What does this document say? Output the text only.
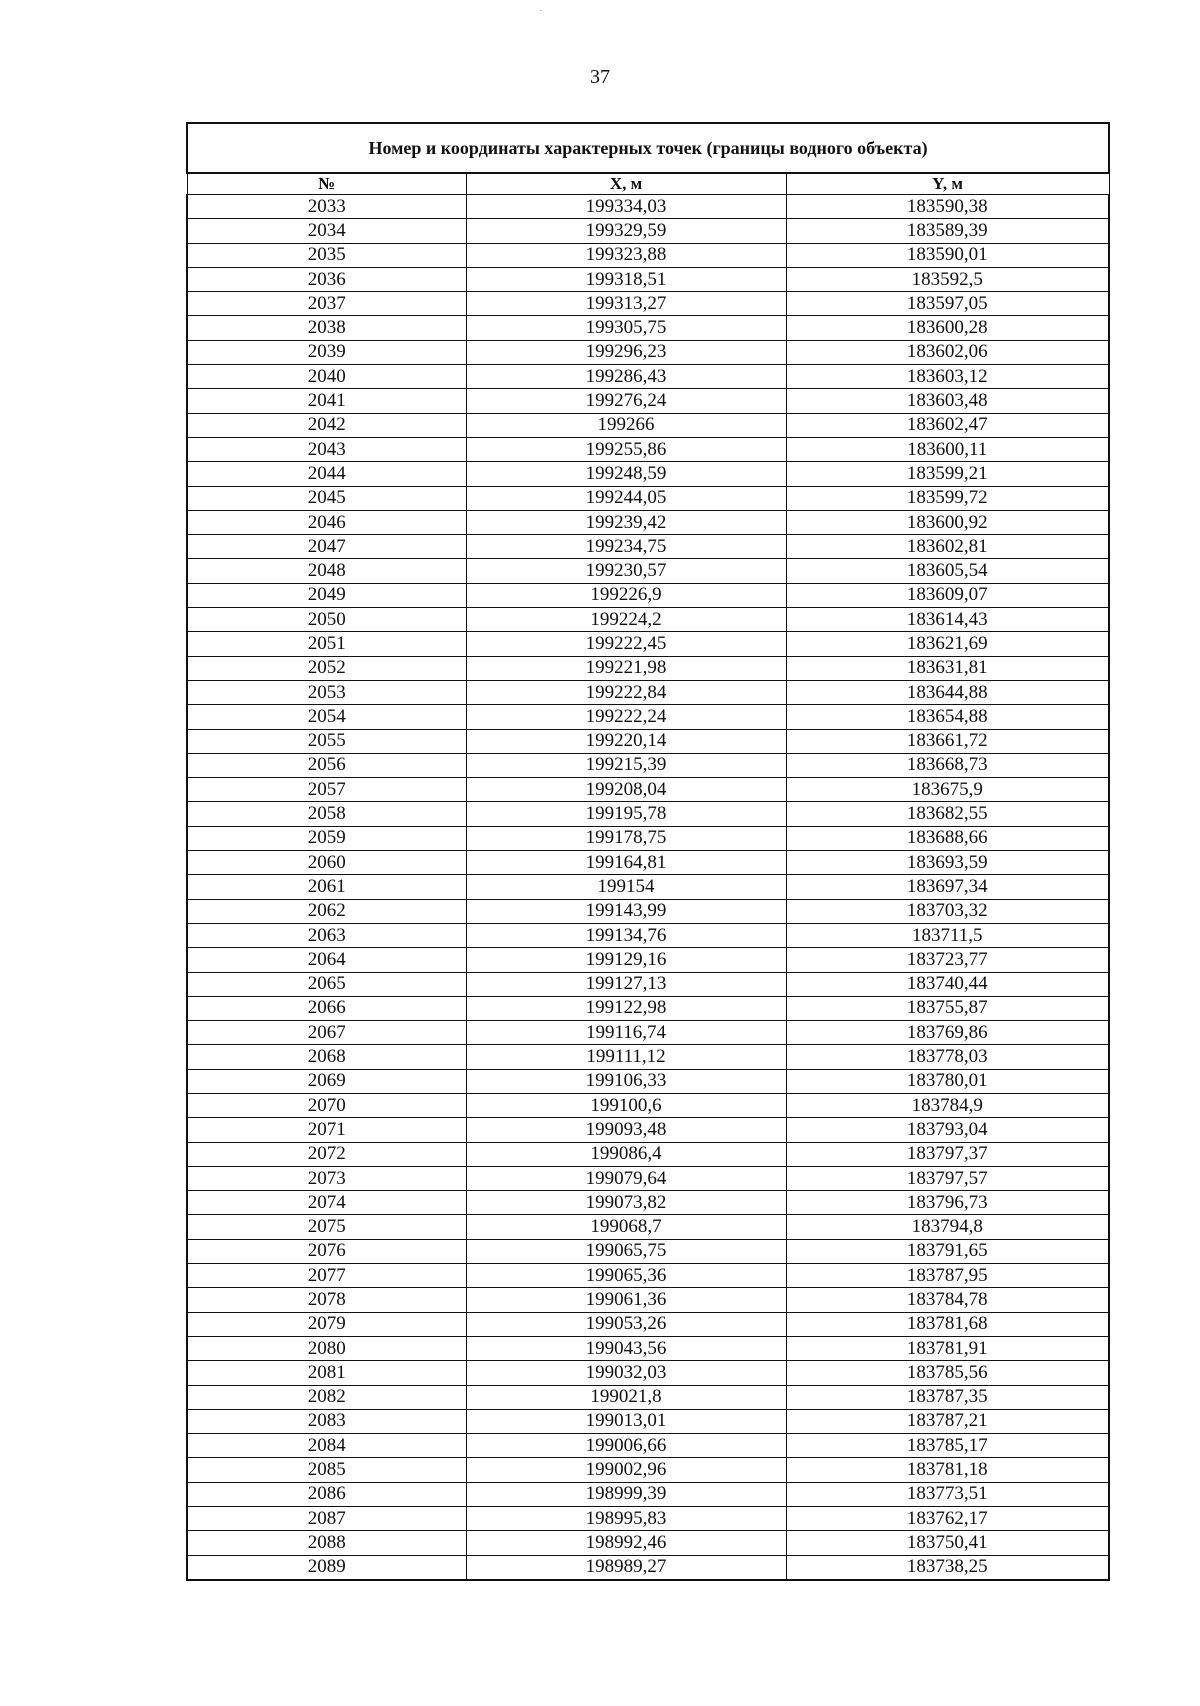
37
Номер и координаты характерных точек (границы водного объекта)		
№	X, м	Y, м
2033	199334,03	183590,38
2034	199329,59	183589,39
2035	199323,88	183590,01
2036	199318,51	183592,5
2037	199313,27	183597,05
2038	199305,75	183600,28
2039	199296,23	183602,06
2040	199286,43	183603,12
2041	199276,24	183603,48
2042	199266	183602,47
2043	199255,86	183600,11
2044	199248,59	183599,21
2045	199244,05	183599,72
2046	199239,42	183600,92
2047	199234,75	183602,81
2048	199230,57	183605,54
2049	199226,9	183609,07
2050	199224,2	183614,43
2051	199222,45	183621,69
2052	199221,98	183631,81
2053	199222,84	183644,88
2054	199222,24	183654,88
2055	199220,14	183661,72
2056	199215,39	183668,73
2057	199208,04	183675,9
2058	199195,78	183682,55
2059	199178,75	183688,66
2060	199164,81	183693,59
2061	199154	183697,34
2062	199143,99	183703,32
2063	199134,76	183711,5
2064	199129,16	183723,77
2065	199127,13	183740,44
2066	199122,98	183755,87
2067	199116,74	183769,86
2068	199111,12	183778,03
2069	199106,33	183780,01
2070	199100,6	183784,9
2071	199093,48	183793,04
2072	199086,4	183797,37
2073	199079,64	183797,57
2074	199073,82	183796,73
2075	199068,7	183794,8
2076	199065,75	183791,65
2077	199065,36	183787,95
2078	199061,36	183784,78
2079	199053,26	183781,68
2080	199043,56	183781,91
2081	199032,03	183785,56
2082	199021,8	183787,35
2083	199013,01	183787,21
2084	199006,66	183785,17
2085	199002,96	183781,18
2086	198999,39	183773,51
2087	198995,83	183762,17
2088	198992,46	183750,41
2089	198989,27	183738,25
